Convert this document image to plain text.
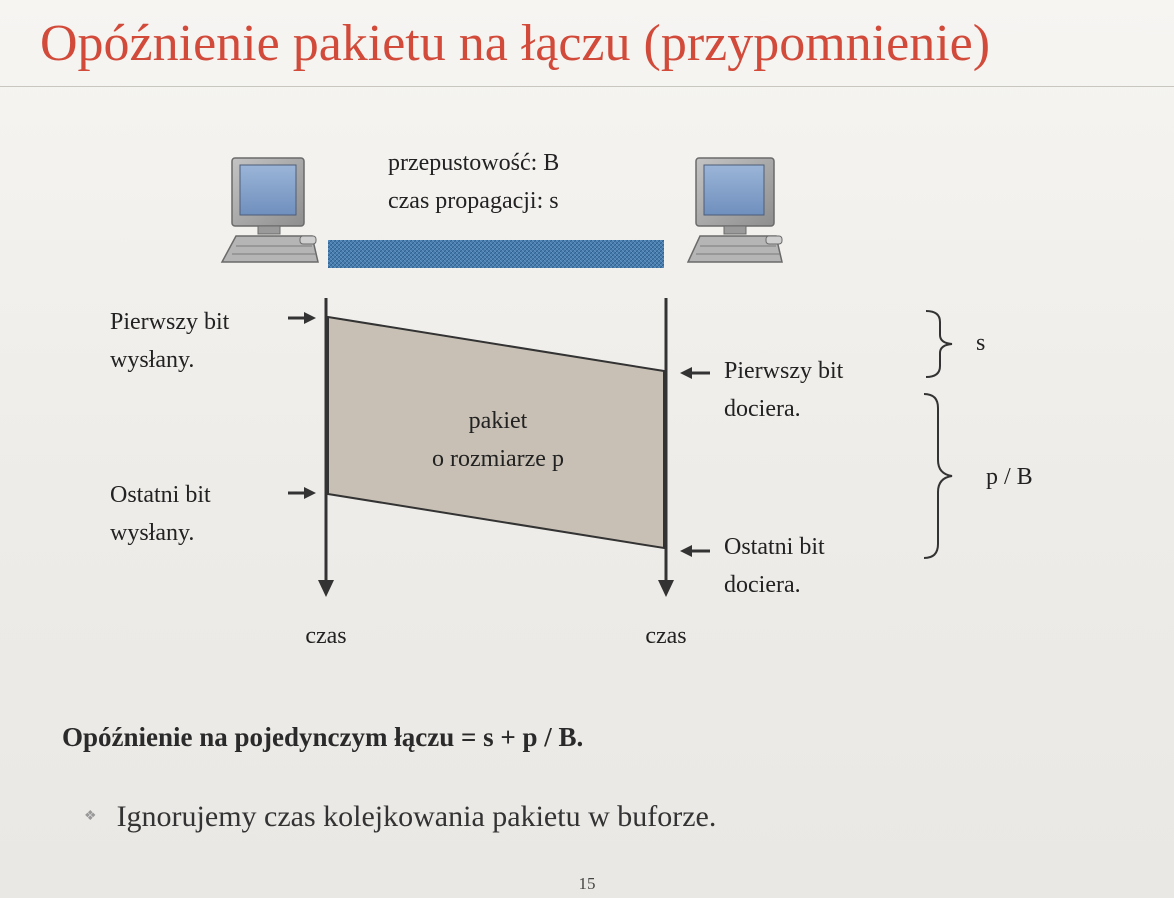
Opóźnienie pakietu na łączu (przypomnienie)
przepustowość: B
czas propagacji: s
Pierwszy bit
wysłany.
Ostatni bit
wysłany.
Pierwszy bit
dociera.
Ostatni bit
dociera.
pakiet
o rozmiarze p
czas	czas
s
p / B
Opóźnienie na pojedynczym łączu = s + p / B.
❖ Ignorujemy czas kolejkowania pakietu w buforze.
15
